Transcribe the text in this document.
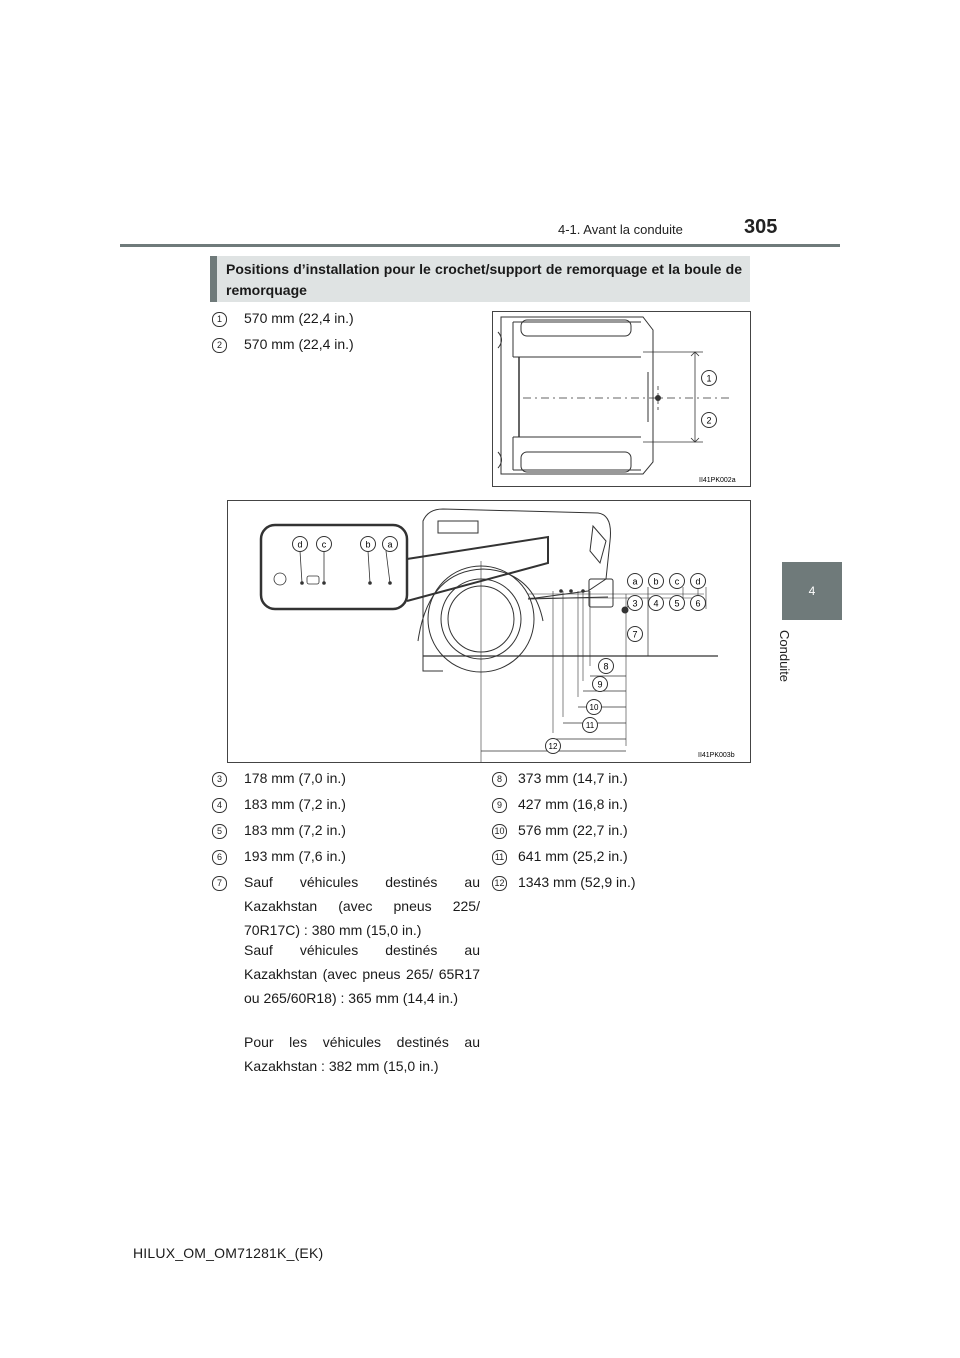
4-1. Avant la conduite	305
4
Conduite
Positions d’installation pour le crochet/support de remorquage et la boule de remorquage
1	570 mm (22,4 in.)
2	570 mm (22,4 in.)
1
2
II41PK002a
d c	b a
a b c d
3 4 5 6
7
8
9
10
11
12
II41PK003b
3	178 mm (7,0 in.)
4	183 mm (7,2 in.)
5	183 mm (7,2 in.)
6	193 mm (7,6 in.)
7	Sauf véhicules destinés au Kazakhstan (avec pneus 225/ 70R17C) : 380 mm (15,0 in.)
Sauf véhicules destinés au Kazakhstan (avec pneus 265/ 65R17 ou 265/60R18) : 365 mm (14,4 in.)
Pour les véhicules destinés au Kazakhstan : 382 mm (15,0 in.)
8	373 mm (14,7 in.)
9	427 mm (16,8 in.)
10 576 mm (22,7 in.)
11 641 mm (25,2 in.)
12 1343 mm (52,9 in.)
HILUX_OM_OM71281K_(EK)
